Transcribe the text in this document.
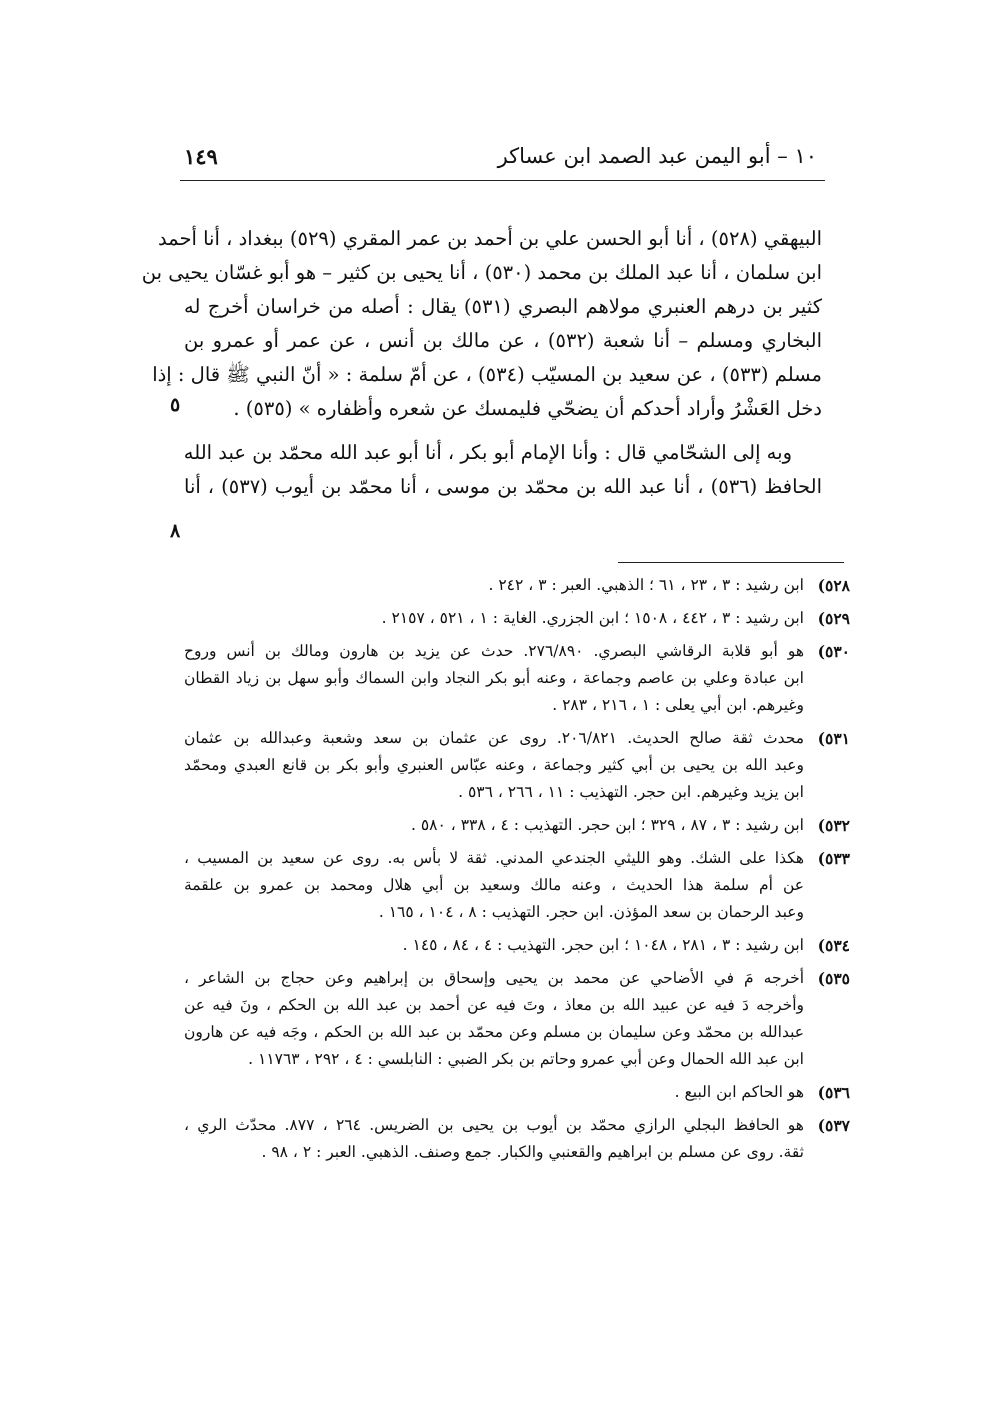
١٠ – أبو اليمن عبد الصمد ابن عساكر
١٤٩
البيهقي (٥٢٨) ، أنا أبو الحسن علي بن أحمد بن عمر المقري (٥٢٩) ببغداد ، أنا أحمد
ابن سلمان ، أنا عبد الملك بن محمد (٥٣٠) ، أنا يحيى بن كثير – هو أبو غسّان يحيى بن
كثير بن درهم العنبري مولاهم البصري (٥٣١) يقال : أصله من خراسان أخرج له
البخاري ومسلم – أنا شعبة (٥٣٢) ، عن مالك بن أنس ، عن عمر أو عمرو بن
مسلم (٥٣٣) ، عن سعيد بن المسيّب (٥٣٤) ، عن أمّ سلمة : « أنّ النبي ﷺ قال : إذا
دخل العَشْرُ وأراد أحدكم أن يضحّي فليمسك عن شعره وأظفاره » (٥٣٥) .
وبه إلى الشحّامي قال : وأنا الإمام أبو بكر ، أنا أبو عبد الله محمّد بن عبد الله
الحافظ (٥٣٦) ، أنا عبد الله بن محمّد بن موسى ، أنا محمّد بن أيوب (٥٣٧) ، أنا
٥
٨
٥٢٨)
ابن رشيد : ٣ ، ٢٣ ، ٦١ ؛ الذهبي. العبر : ٣ ، ٢٤٢ .
٥٢٩)
ابن رشيد : ٣ ، ٤٤٢ ، ١٥٠٨ ؛ ابن الجزري. الغاية : ١ ، ٥٢١ ، ٢١٥٧ .
٥٣٠)
هو أبو قلابة الرقاشي البصري. ٢٧٦/٨٩٠. حدث عن يزيد بن هارون ومالك بن أنس وروح
ابن عبادة وعلي بن عاصم وجماعة ، وعنه أبو بكر النجاد وابن السماك وأبو سهل بن زياد القطان
وغيرهم. ابن أبي يعلى : ١ ، ٢١٦ ، ٢٨٣ .
٥٣١)
محدث ثقة صالح الحديث. ٢٠٦/٨٢١. روى عن عثمان بن سعد وشعبة وعبدالله بن عثمان
وعبد الله بن يحيى بن أبي كثير وجماعة ، وعنه عبّاس العنبري وأبو بكر بن قانع العبدي ومحمّد
ابن يزيد وغيرهم. ابن حجر. التهذيب : ١١ ، ٢٦٦ ، ٥٣٦ .
٥٣٢)
ابن رشيد : ٣ ، ٨٧ ، ٣٢٩ ؛ ابن حجر. التهذيب : ٤ ، ٣٣٨ ، ٥٨٠ .
٥٣٣)
هكذا على الشك. وهو الليثي الجندعي المدني. ثقة لا بأس به. روى عن سعيد بن المسيب ،
عن أم سلمة هذا الحديث ، وعنه مالك وسعيد بن أبي هلال ومحمد بن عمرو بن علقمة
وعبد الرحمان بن سعد المؤذن. ابن حجر. التهذيب : ٨ ، ١٠٤ ، ١٦٥ .
٥٣٤)
ابن رشيد : ٣ ، ٢٨١ ، ١٠٤٨ ؛ ابن حجر. التهذيب : ٤ ، ٨٤ ، ١٤٥ .
٥٣٥)
أخرجه مَ في الأضاحي عن محمد بن يحيى وإسحاق بن إبراهيم وعن حجاج بن الشاعر ،
وأخرجه دَ فيه عن عبيد الله بن معاذ ، وتَ فيه عن أحمد بن عبد الله بن الحكم ، ونَ فيه عن
عبدالله بن محمّد وعن سليمان بن مسلم وعن محمّد بن عبد الله بن الحكم ، وجَه فيه عن هارون
ابن عبد الله الحمال وعن أبي عمرو وحاتم بن بكر الضبي : النابلسي : ٤ ، ٢٩٢ ، ١١٧٦٣ .
٥٣٦)
هو الحاكم ابن البيع .
٥٣٧)
هو الحافظ البجلي الرازي محمّد بن أيوب بن يحيى بن الضريس. ٢٦٤ ، ٨٧٧. محدّث الري ،
ثقة. روى عن مسلم بن ابراهيم والقعنبي والكبار. جمع وصنف. الذهبي. العبر : ٢ ، ٩٨ .
